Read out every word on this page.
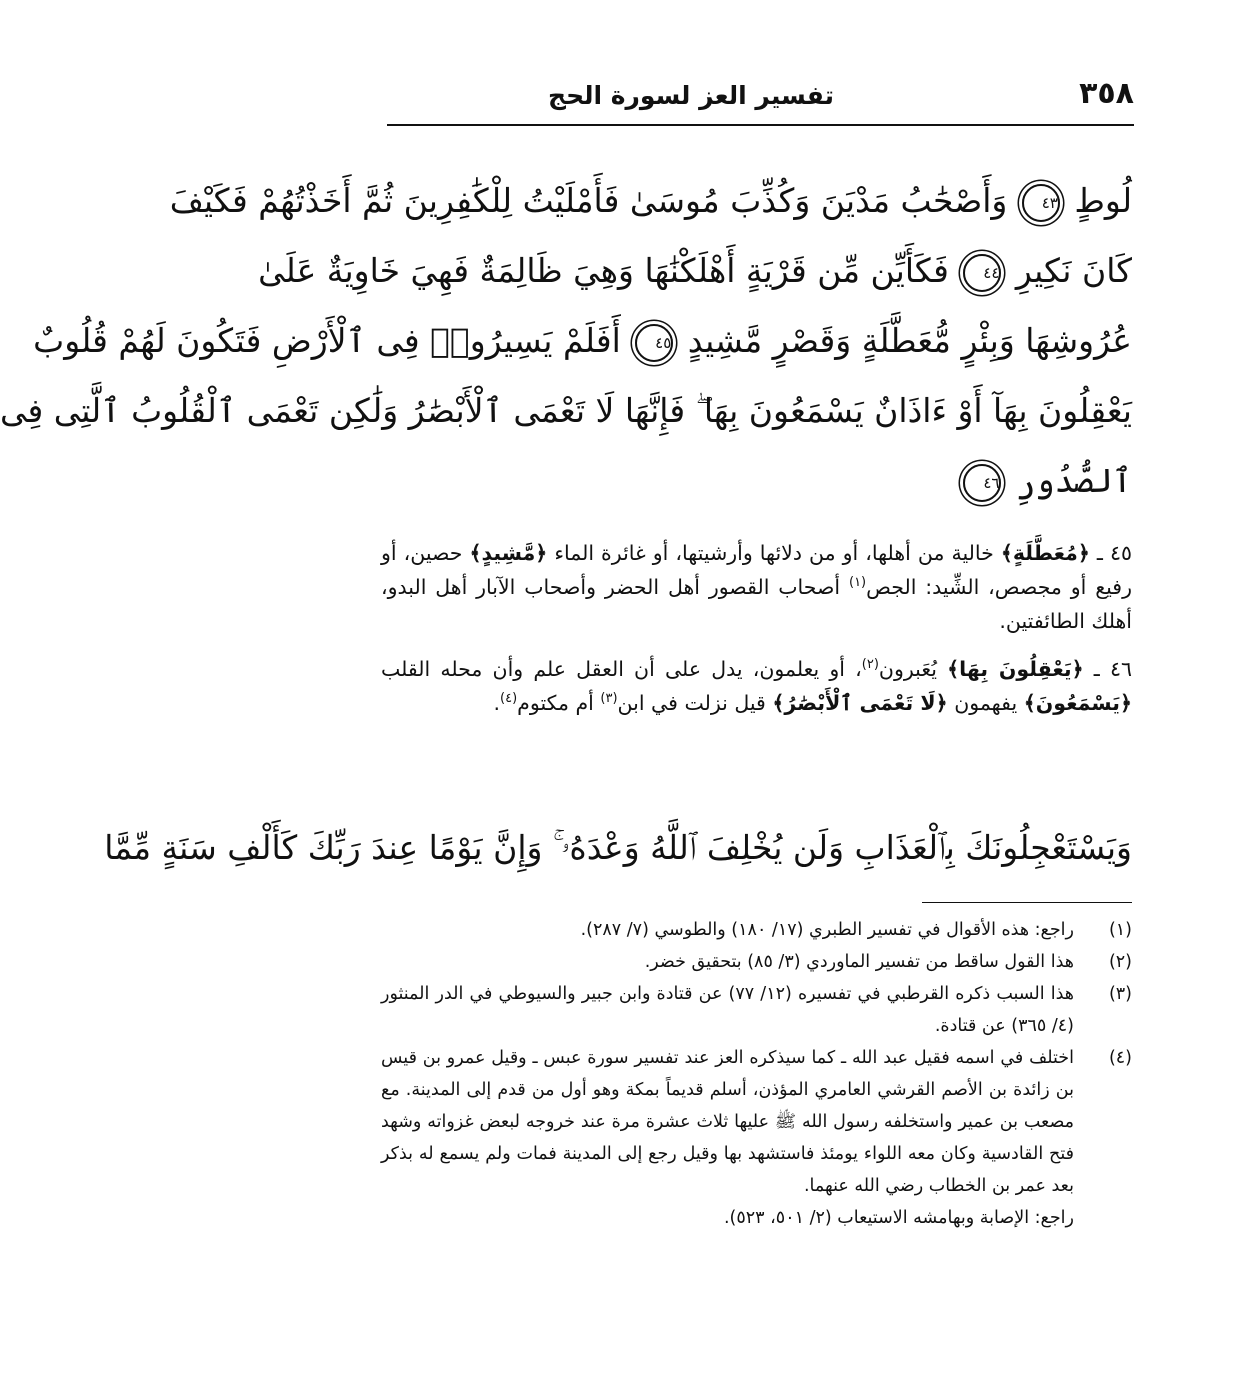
٣٥٨
تفسير العز لسورة الحج
لُوطٍ ٤٣ وَأَصْحَٰبُ مَدْيَنَ وَكُذِّبَ مُوسَىٰ فَأَمْلَيْتُ لِلْكَٰفِرِينَ ثُمَّ أَخَذْتُهُمْ فَكَيْفَ
كَانَ نَكِيرِ ٤٤ فَكَأَيِّن مِّن قَرْيَةٍ أَهْلَكْنَٰهَا وَهِيَ ظَالِمَةٌ فَهِيَ خَاوِيَةٌ عَلَىٰ
عُرُوشِهَا وَبِئْرٍ مُّعَطَّلَةٍ وَقَصْرٍ مَّشِيدٍ ٤٥ أَفَلَمْ يَسِيرُوا۟ فِى ٱلْأَرْضِ فَتَكُونَ لَهُمْ قُلُوبٌ
يَعْقِلُونَ بِهَآ أَوْ ءَاذَانٌ يَسْمَعُونَ بِهَا ۖ فَإِنَّهَا لَا تَعْمَى ٱلْأَبْصَٰرُ وَلَٰكِن تَعْمَى ٱلْقُلُوبُ ٱلَّتِى فِى
ٱلصُّدُورِ ٤٦

٤٥ ـ ﴿مُعَطَّلَةٍ﴾ خالية من أهلها، أو من دلائها وأرشيتها، أو غائرة الماء ﴿مَّشِيدٍ﴾ حصين، أو رفيع أو مجصص، الشِّيد: الجص$^{(١)}$ أصحاب القصور أهل الحضر وأصحاب الآبار أهل البدو، أهلك الطائفتين.

٤٦ ـ ﴿يَعْقِلُونَ بِهَا﴾ يُعَبرون$^{(٢)}$، أو يعلمون، يدل على أن العقل علم وأن محله القلب ﴿يَسْمَعُونَ﴾ يفهمون ﴿لَا تَعْمَى ٱلْأَبْصَٰرُ﴾ قيل نزلت في ابن$^{(٣)}$ أم مكتوم$^{(٤)}$.

وَيَسْتَعْجِلُونَكَ بِٱلْعَذَابِ وَلَن يُخْلِفَ ٱللَّهُ وَعْدَهُۥ ۚ وَإِنَّ يَوْمًا عِندَ رَبِّكَ كَأَلْفِ سَنَةٍ مِّمَّا
(١)
راجع: هذه الأقوال في تفسير الطبري (١٧/ ١٨٠) والطوسي (٧/ ٢٨٧).
(٢)
هذا القول ساقط من تفسير الماوردي (٣/ ٨٥) بتحقيق خضر.
(٣)
هذا السبب ذكره القرطبي في تفسيره (١٢/ ٧٧) عن قتادة وابن جبير والسيوطي في الدر المنثور (٤/ ٣٦٥) عن قتادة.
(٤)
اختلف في اسمه فقيل عبد الله ـ كما سيذكره العز عند تفسير سورة عبس ـ وقيل عمرو بن قيس بن زائدة بن الأصم القرشي العامري المؤذن، أسلم قديماً بمكة وهو أول من قدم إلى المدينة. مع مصعب بن عمير واستخلفه رسول الله ﷺ عليها ثلاث عشرة مرة عند خروجه لبعض غزواته وشهد فتح القادسية وكان معه اللواء يومئذ فاستشهد بها وقيل رجع إلى المدينة فمات ولم يسمع له بذكر بعد عمر بن الخطاب رضي الله عنهما.
راجع: الإصابة وبهامشه الاستيعاب (٢/ ٥٠١، ٥٢٣).
